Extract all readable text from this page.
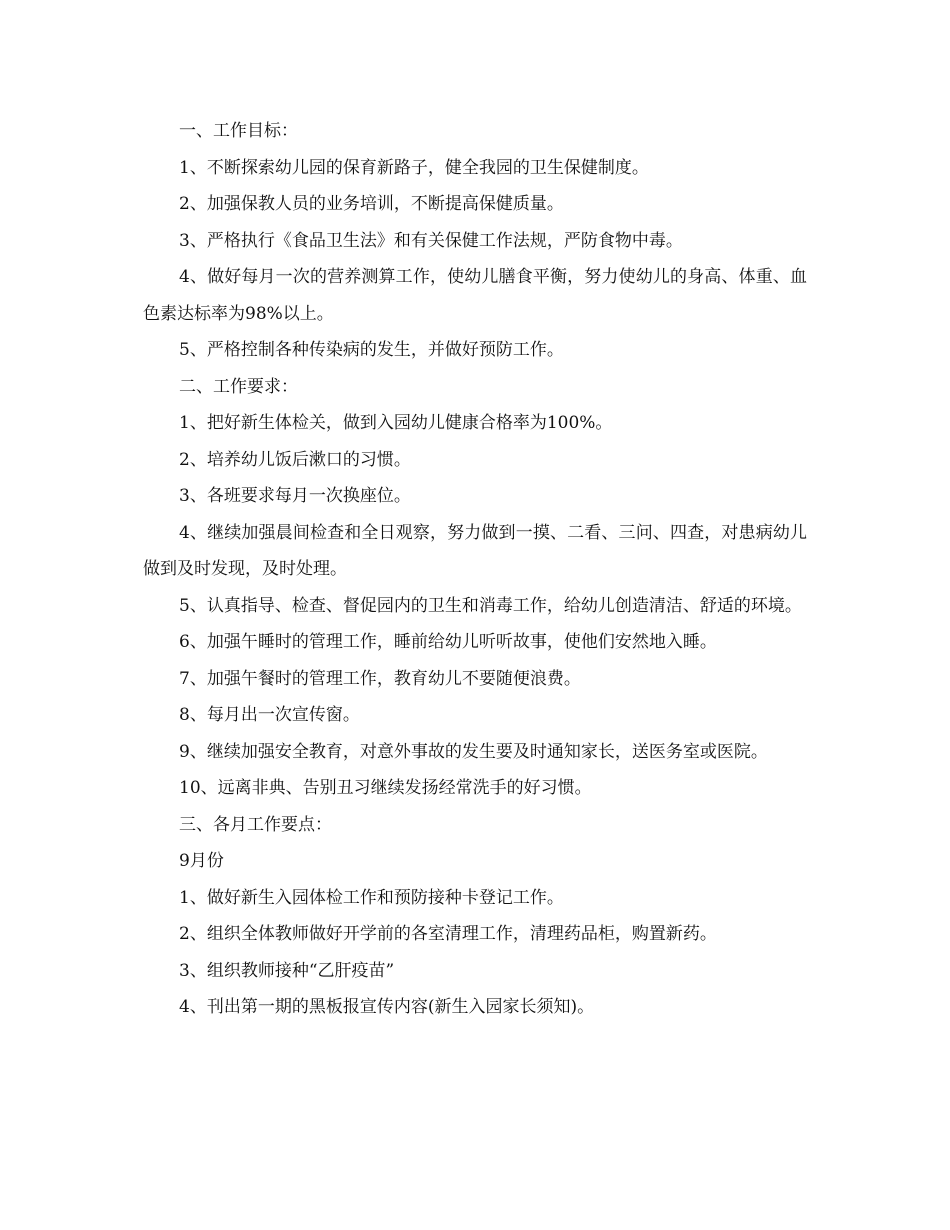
一、工作目标：

1、不断探索幼儿园的保育新路子，健全我园的卫生保健制度。

2、加强保教人员的业务培训，不断提高保健质量。

3、严格执行《食品卫生法》和有关保健工作法规，严防食物中毒。

4、做好每月一次的营养测算工作，使幼儿膳食平衡，努力使幼儿的身高、体重、血色素达标率为98%以上。

5、严格控制各种传染病的发生，并做好预防工作。

二、工作要求：

1、把好新生体检关，做到入园幼儿健康合格率为100%。

2、培养幼儿饭后漱口的习惯。

3、各班要求每月一次换座位。

4、继续加强晨间检查和全日观察，努力做到一摸、二看、三问、四查，对患病幼儿做到及时发现，及时处理。

5、认真指导、检查、督促园内的卫生和消毒工作，给幼儿创造清洁、舒适的环境。

6、加强午睡时的管理工作，睡前给幼儿听听故事，使他们安然地入睡。

7、加强午餐时的管理工作，教育幼儿不要随便浪费。

8、每月出一次宣传窗。

9、继续加强安全教育，对意外事故的发生要及时通知家长，送医务室或医院。

10、远离非典、告别丑习继续发扬经常洗手的好习惯。

三、各月工作要点：

9月份

1、做好新生入园体检工作和预防接种卡登记工作。

2、组织全体教师做好开学前的各室清理工作，清理药品柜，购置新药。

3、组织教师接种“乙肝疫苗”

4、刊出第一期的黑板报宣传内容(新生入园家长须知)。
